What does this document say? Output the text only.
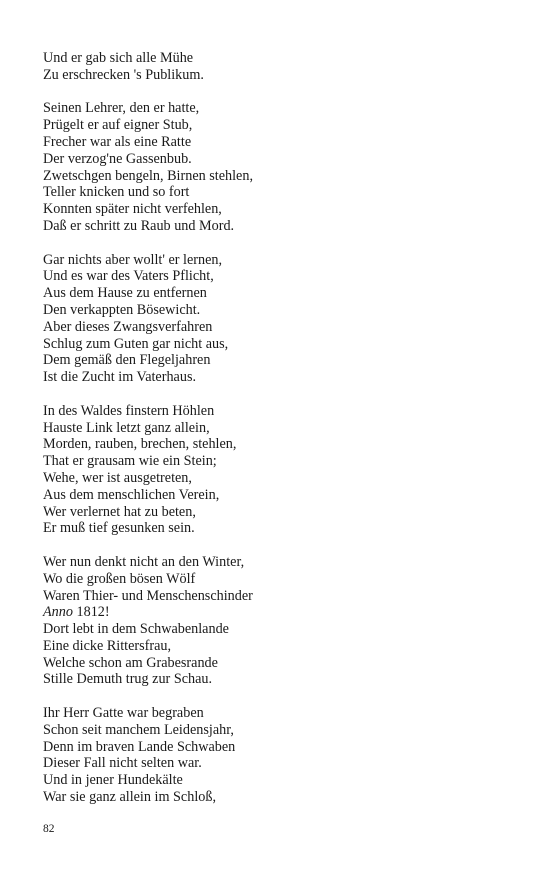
Und er gab sich alle Mühe
Zu erschrecken 's Publikum.
Seinen Lehrer, den er hatte,
Prügelt er auf eigner Stub,
Frecher war als eine Ratte
Der verzog'ne Gassenbub.
Zwetschgen bengeln, Birnen stehlen,
Teller knicken und so fort
Konnten später nicht verfehlen,
Daß er schritt zu Raub und Mord.
Gar nichts aber wollt' er lernen,
Und es war des Vaters Pflicht,
Aus dem Hause zu entfernen
Den verkappten Bösewicht.
Aber dieses Zwangsverfahren
Schlug zum Guten gar nicht aus,
Dem gemäß den Flegeljahren
Ist die Zucht im Vaterhaus.
In des Waldes finstern Höhlen
Hauste Link letzt ganz allein,
Morden, rauben, brechen, stehlen,
That er grausam wie ein Stein;
Wehe, wer ist ausgetreten,
Aus dem menschlichen Verein,
Wer verlernet hat zu beten,
Er muß tief gesunken sein.
Wer nun denkt nicht an den Winter,
Wo die großen bösen Wölf
Waren Thier- und Menschenschinder
Anno 1812!
Dort lebt in dem Schwabenlande
Eine dicke Rittersfrau,
Welche schon am Grabesrande
Stille Demuth trug zur Schau.
Ihr Herr Gatte war begraben
Schon seit manchem Leidensjahr,
Denn im braven Lande Schwaben
Dieser Fall nicht selten war.
Und in jener Hundekälte
War sie ganz allein im Schloß,
82
